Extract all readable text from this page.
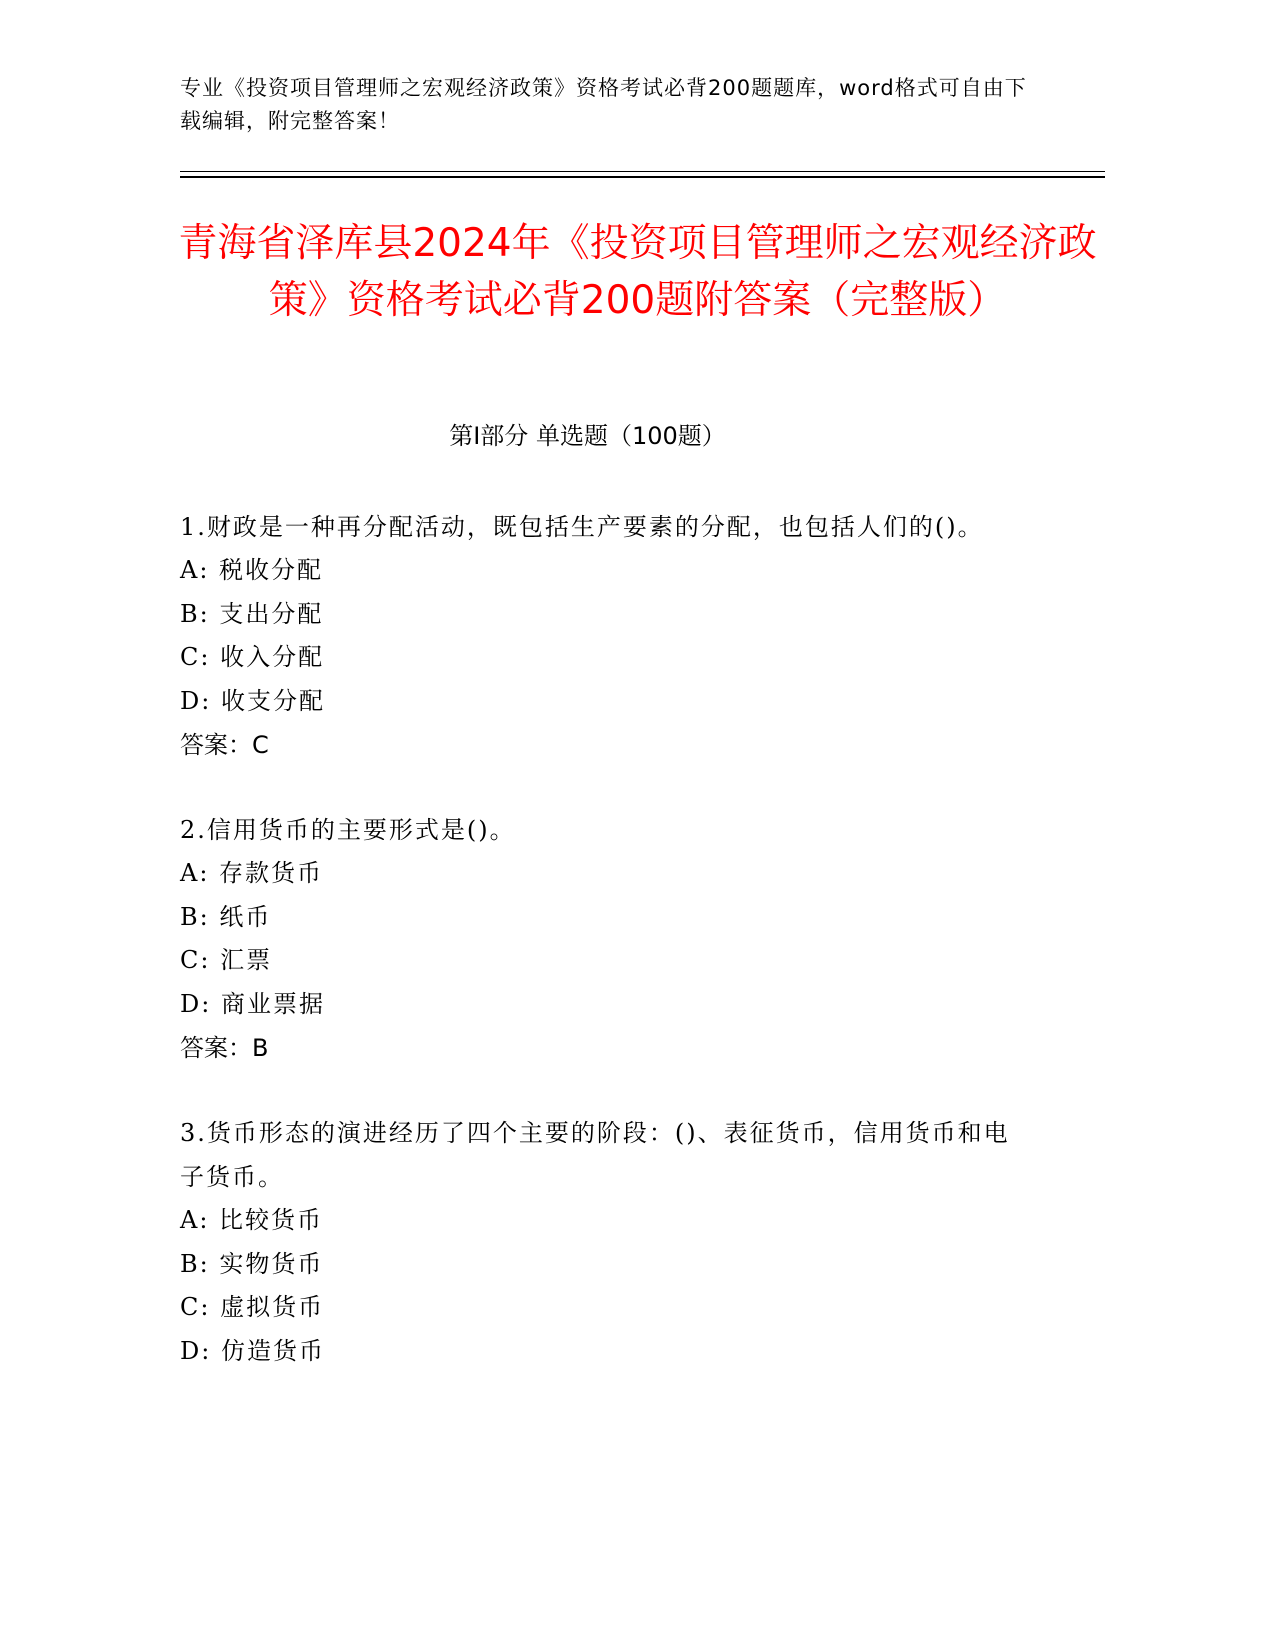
专业《投资项目管理师之宏观经济政策》资格考试必背200题题库，word格式可自由下载编辑，附完整答案！
青海省泽库县2024年《投资项目管理师之宏观经济政策》资格考试必背200题附答案（完整版）
第Ⅰ部分 单选题（100题）

1.财政是一种再分配活动，既包括生产要素的分配，也包括人们的()。

A: 税收分配

B: 支出分配

C: 收入分配

D: 收支分配

答案：C

2.信用货币的主要形式是()。

A: 存款货币

B: 纸币

C: 汇票

D: 商业票据

答案：B

3.货币形态的演进经历了四个主要的阶段：()、表征货币，信用货币和电子货币。

A: 比较货币

B: 实物货币

C: 虚拟货币

D: 仿造货币
